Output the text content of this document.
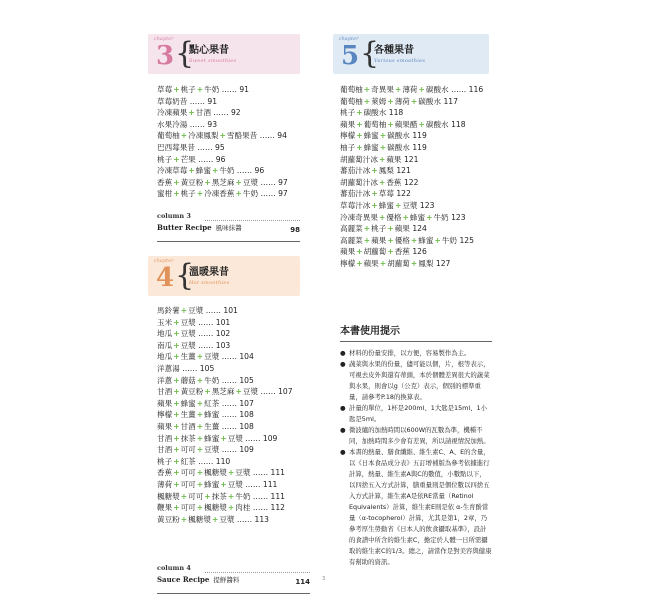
chapter
3 {
點心果昔
Sweet smoothies
草莓+桃子+牛奶 …… 91
草莓奶昔 …… 91
冷凍蘋果+甘酒 …… 92
水果冷湯 …… 93
葡萄柚+冷凍鳳梨+雪酪果昔 …… 94
巴西莓果昔 …… 95
桃子+芒果 …… 96
冷凍草莓+蜂蜜+牛奶 …… 96
香蕉+黃豆粉+黑芝麻+豆漿 …… 97
蜜柑+桃子+冷凍香蕉+牛奶 …… 97
column 3
Butter Recipe 風味抹醬	98
chapter
4 {
溫暖果昔
Hot smoothies
馬鈴薯+豆漿 …… 101
玉米+豆漿 …… 101
地瓜+豆漿 …… 102
南瓜+豆漿 …… 103
地瓜+生薑+豆漿 …… 104
洋蔥湯 …… 105
洋蔥+蘑菇+牛奶 …… 105
甘酒+黃豆粉+黑芝麻+豆漿 …… 107
蘋果+蜂蜜+紅茶 …… 107
檸檬+生薑+蜂蜜 …… 108
蘋果+甘酒+生薑 …… 108
甘酒+抹茶+蜂蜜+豆漿 …… 109
甘酒+可可+豆漿 …… 109
桃子+紅茶 …… 110
香蕉+可可+楓糖漿+豆漿 …… 111
薄荷+可可+蜂蜜+豆漿 …… 111
楓糖漿+可可+抹茶+牛奶 …… 111
鞭果+可可+楓糖漿+肉桂 …… 112
黃豆粉+楓糖漿+豆漿 …… 113
column 4
Sauce Recipe 提鮮醬料	114
chapter
5 {
各種果昔
Various smoothies
葡萄柚+奇異果+薄荷+碳酸水 …… 116
葡萄柚+萊姆+薄荷+碳酸水 117
桃子+碳酸水 118
蘋果+葡萄柚+蘋果醋+碳酸水 118
檸檬+蜂蜜+碳酸水 119
柚子+蜂蜜+碳酸水 119
胡蘿蔔汁冰+蘋果 121
蕃茄汁冰+鳳梨 121
胡蘿蔔汁冰+香蕉 122
蕃茄汁冰+草莓 122
草莓汁冰+蜂蜜+豆漿 123
冷凍奇異果+優格+蜂蜜+牛奶 123
高麗菜+桃子+蘋果 124
高麗菜+蘋果+優格+蜂蜜+牛奶 125
蘋果+胡蘿蔔+香蕉 126
檸檬+蘋果+胡蘿蔔+鳳梨 127
本書使用提示

● 材料的份量安排，以方便，容易製作為主。

● 蔬菜與水果的份量，儘可能以個，片，根等表示，可視去皮外與還有蒂頭，本於個體差異很大的蔬菜與水果，則會以g（公克）表示，個別的標準重量，請參考P.18的換算表。

● 計量的單位，1杯是200ml、1大匙是15ml、1小匙是5ml。

● 微波爐的加熱時間以600W的瓦數為準，機種不同，加熱時間多少會有差異，所以請視情況加熱。

● 本書的熱量、膳食纖維、維生素C、A、E的含量，以《日本食品成分表》五訂增補版為參考依據進行計算，熱量、維生素A與C的數值，小數點以下，以四捨五入方式計算，膳重量則是個位數以四捨五入方式計算，維生素A是依RE當量（Retinol Equivalents）計算，維生素E則是依 α-生育酚當量（α-tocopherol）計算，尤其是第1，2章，乃參考厚生勞動省《日本人的飲食攝取基準》，設計的食譜中所含的維生素C，擔定於人體一日所需攝取的維生素C的1/3。總之，請當作是對美容與健康有幫助的資訊。

3
